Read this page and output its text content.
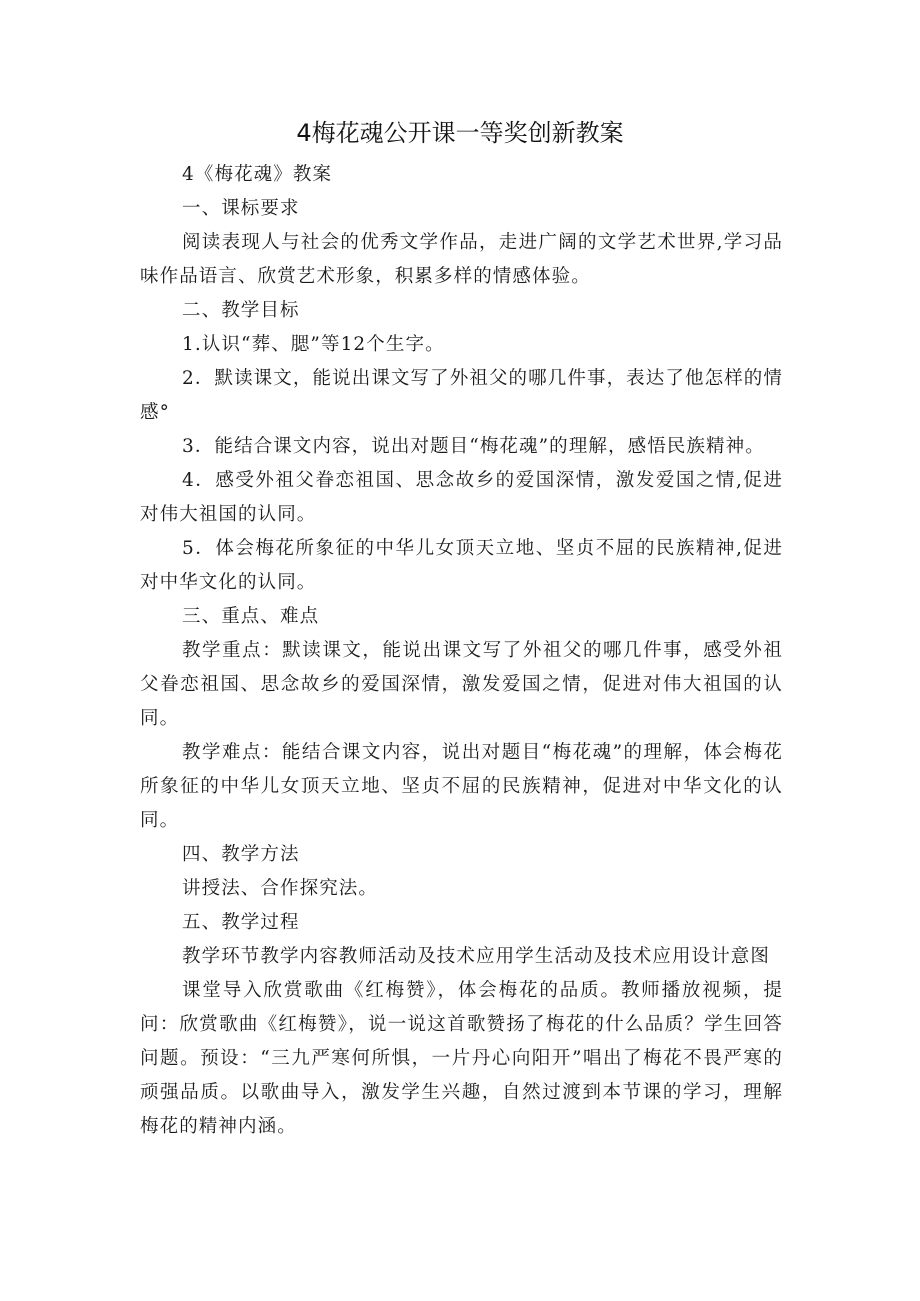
4梅花魂公开课一等奖创新教案

4《梅花魂》教案

一、课标要求

阅读表现人与社会的优秀文学作品，走进广阔的文学艺术世界,学习品味作品语言、欣赏艺术形象，积累多样的情感体验。

二、教学目标

1.认识“葬、腮”等12个生字。

2．默读课文，能说出课文写了外祖父的哪几件事，表达了他怎样的情感°

3．能结合课文内容，说出对题目“梅花魂”的理解，感悟民族精神。

4．感受外祖父眷恋祖国、思念故乡的爱国深情，激发爱国之情,促进对伟大祖国的认同。

5．体会梅花所象征的中华儿女顶天立地、坚贞不屈的民族精神,促进对中华文化的认同。

三、重点、难点

教学重点：默读课文，能说出课文写了外祖父的哪几件事，感受外祖父眷恋祖国、思念故乡的爱国深情，激发爱国之情，促进对伟大祖国的认同。

教学难点：能结合课文内容，说出对题目“梅花魂”的理解，体会梅花所象征的中华儿女顶天立地、坚贞不屈的民族精神，促进对中华文化的认同。

四、教学方法

讲授法、合作探究法。

五、教学过程

教学环节教学内容教师活动及技术应用学生活动及技术应用设计意图

课堂导入欣赏歌曲《红梅赞》，体会梅花的品质。教师播放视频，提问：欣赏歌曲《红梅赞》，说一说这首歌赞扬了梅花的什么品质？学生回答问题。预设：“三九严寒何所惧，一片丹心向阳开”唱出了梅花不畏严寒的顽强品质。以歌曲导入，激发学生兴趣，自然过渡到本节课的学习，理解梅花的精神内涵。
